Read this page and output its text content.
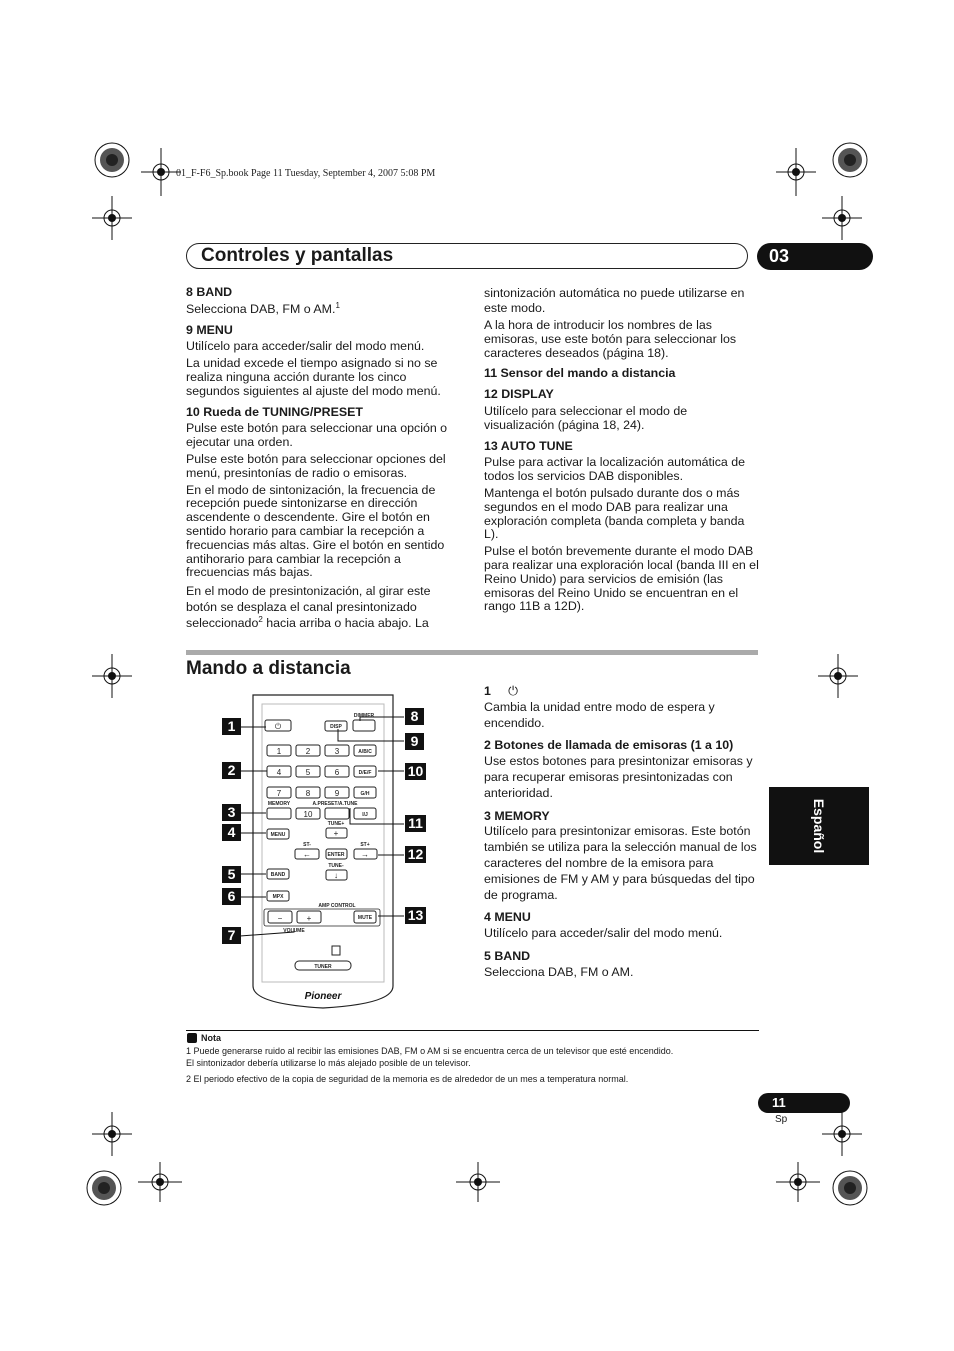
01_F-F6_Sp.book Page 11 Tuesday, September 4, 2007 5:08 PM
Controles y pantallas	03

8 BAND

Selecciona DAB, FM o AM.$^1$

9 MENU

Utilícelo para acceder/salir del modo menú.

La unidad excede el tiempo asignado si no se realiza ninguna acción durante los cinco segundos siguientes al ajuste del modo menú.

10 Rueda de TUNING/PRESET

Pulse este botón para seleccionar una opción o ejecutar una orden.

Pulse este botón para seleccionar opciones del menú, presintonías de radio o emisoras.

En el modo de sintonización, la frecuencia de recepción puede sintonizarse en dirección ascendente o descendente. Gire el botón en sentido horario para cambiar la recepción a frecuencias más altas. Gire el botón en sentido antihorario para cambiar la recepción a frecuencias más bajas.

En el modo de presintonización, al girar este botón se desplaza el canal presintonizado seleccionado$^2$ hacia arriba o hacia abajo. La

sintonización automática no puede utilizarse en este modo.

A la hora de introducir los nombres de las emisoras, use este botón para seleccionar los caracteres deseados (página 18).

11 Sensor del mando a distancia

12 DISPLAY

Utilícelo para seleccionar el modo de visualización (página 18, 24).

13 AUTO TUNE

Pulse para activar la localización automática de todos los servicios DAB disponibles.

Mantenga el botón pulsado durante dos o más segundos en el modo DAB para realizar una exploración completa (banda completa y banda L).

Pulse el botón brevemente durante el modo DAB para realizar una exploración local (banda III en el Reino Unido) para servicios de emisión (las emisoras del Reino Unido se encuentran en el rango 11B a 12D).

Mando a distancia
Español
⏻
DIMMER
DISP
1	2	3	A/B/C
4	5	6	D/E/F
7	8	9	G/H
MEMORY	A.PRESET/A.TUNE
10	I/J
TUNE+
MENU	+
ST-	ST+
←	ENTER →
TUNE-
↓
BAND
MPX
AMP CONTROL
−	+	MUTE
VOLUME
TUNER
Pioneer
1
2
3
4
5
6
7
8
9
10
11
12
13

1 ⏻

Cambia la unidad entre modo de espera y encendido.

2 Botones de llamada de emisoras (1 a 10)

Use estos botones para presintonizar emisoras y para recuperar emisoras presintonizadas con anterioridad.

3 MEMORY

Utilícelo para presintonizar emisoras. Este botón también se utiliza para la selección manual de los caracteres del nombre de la emisora para emisiones de FM y AM y para búsquedas del tipo de programa.

4 MENU

Utilícelo para acceder/salir del modo menú.

5 BAND

Selecciona DAB, FM o AM.

Nota

1 Puede generarse ruido al recibir las emisiones DAB, FM o AM si se encuentra cerca de un televisor que esté encendido.

El sintonizador debería utilizarse lo más alejado posible de un televisor.

2 El periodo efectivo de la copia de seguridad de la memoria es de alrededor de un mes a temperatura normal.

11
Sp
